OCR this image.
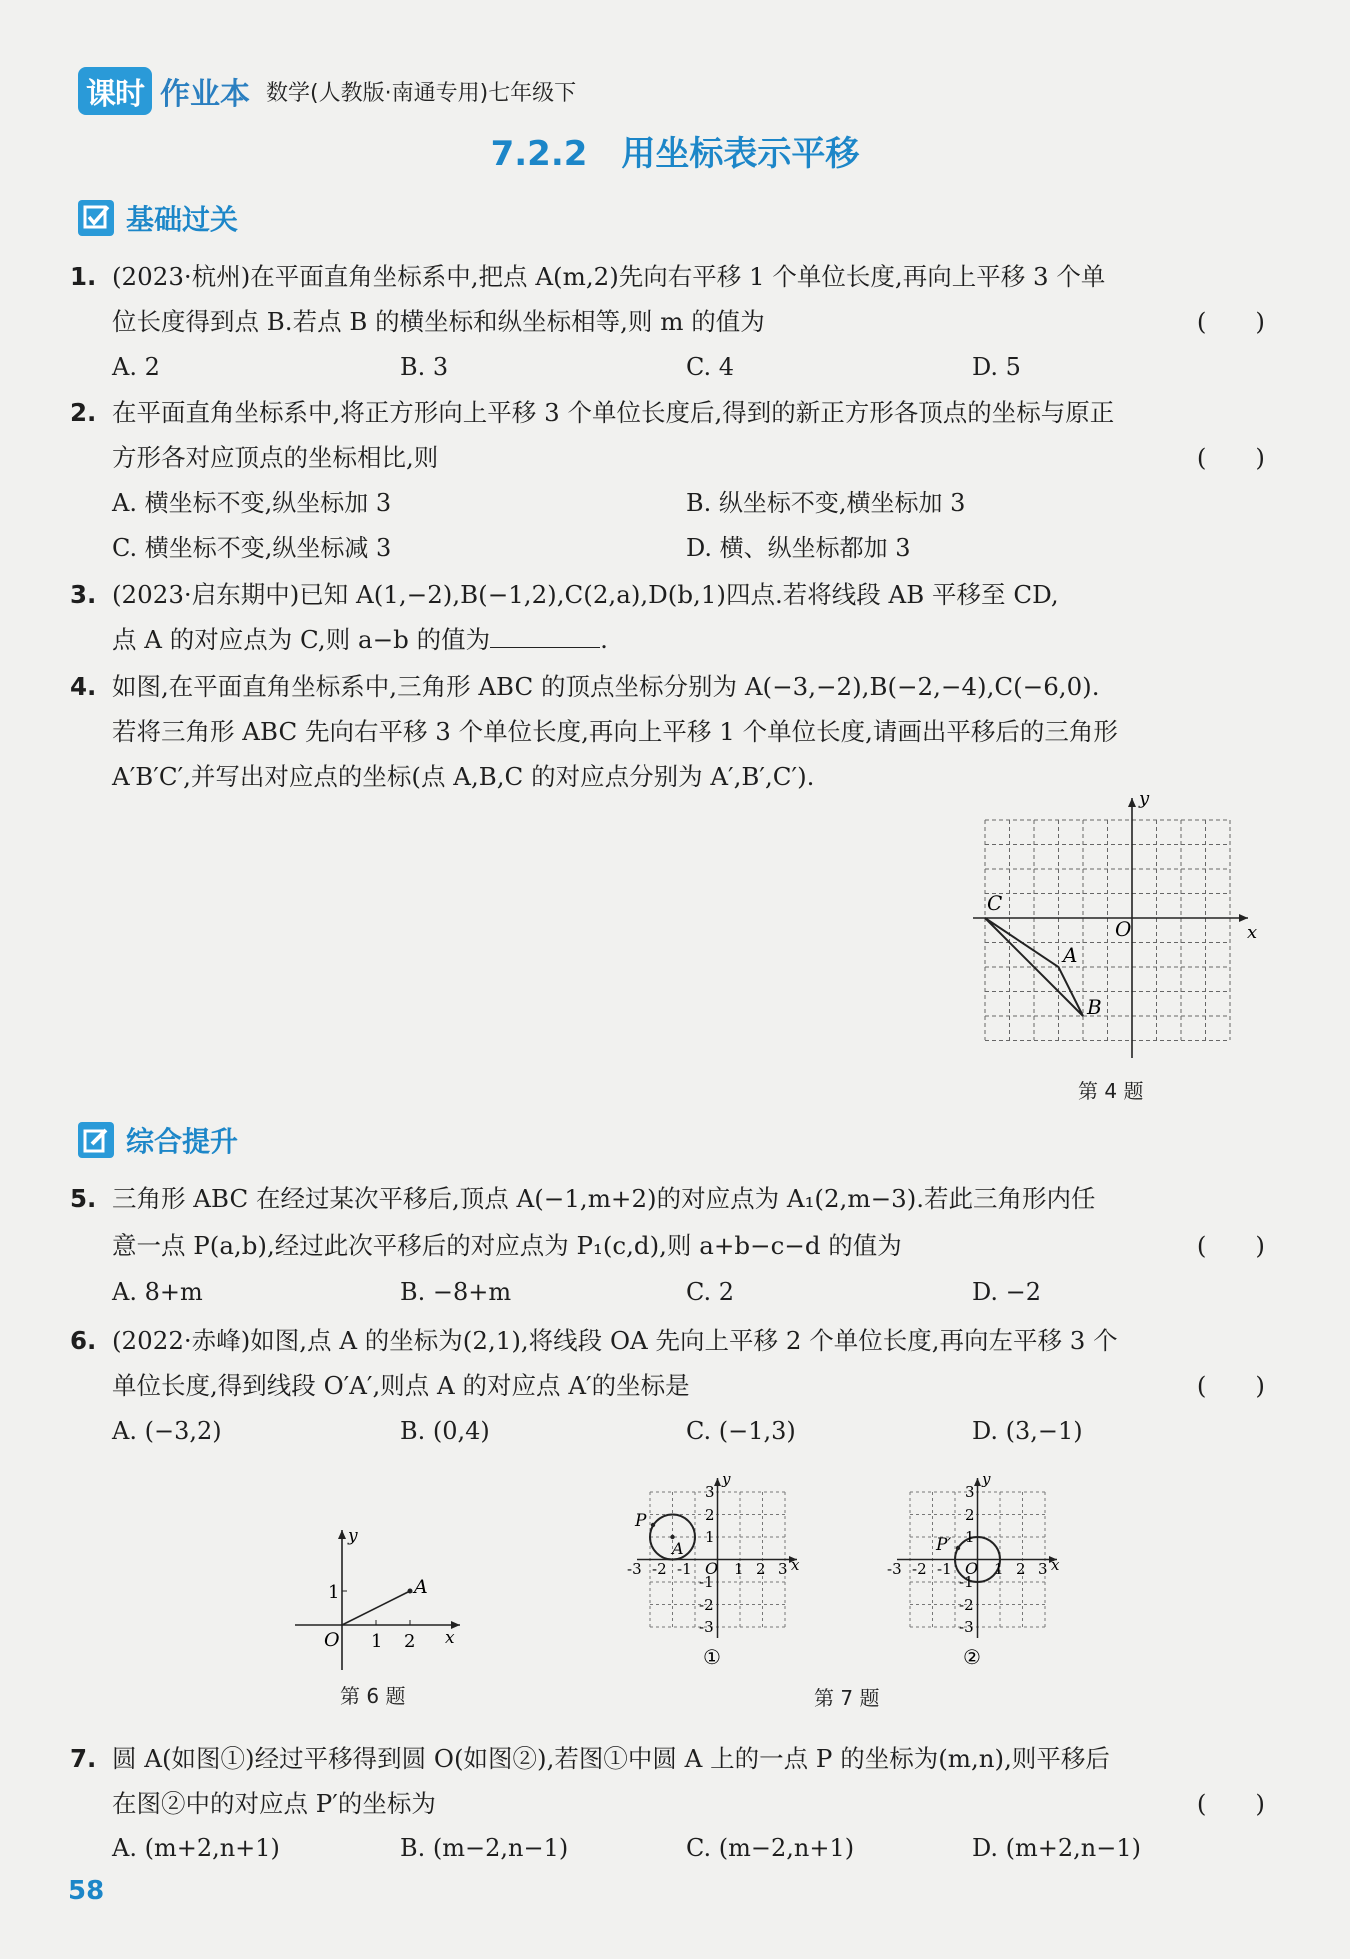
课时 作业本 数学(人教版·南通专用)七年级下
7.2.2　用坐标表示平移
基础过关
1. (2023·杭州)在平面直角坐标系中,把点 A(m,2)先向右平移 1 个单位长度,再向上平移 3 个单
位长度得到点 B.若点 B 的横坐标和纵坐标相等,则 m 的值为	(　　)
A. 2	B. 3	C. 4	D. 5
2. 在平面直角坐标系中,将正方形向上平移 3 个单位长度后,得到的新正方形各顶点的坐标与原正
方形各对应顶点的坐标相比,则	(　　)
A. 横坐标不变,纵坐标加 3	B. 纵坐标不变,横坐标加 3
C. 横坐标不变,纵坐标减 3	D. 横、纵坐标都加 3
3. (2023·启东期中)已知 A(1,−2),B(−1,2),C(2,a),D(b,1)四点.若将线段 AB 平移至 CD,
点 A 的对应点为 C,则 a−b 的值为	.
4. 如图,在平面直角坐标系中,三角形 ABC 的顶点坐标分别为 A(−3,−2),B(−2,−4),C(−6,0).
若将三角形 ABC 先向右平移 3 个单位长度,再向上平移 1 个单位长度,请画出平移后的三角形
A′B′C′,并写出对应点的坐标(点 A,B,C 的对应点分别为 A′,B′,C′).
C
A
B
O	x
y
第 4 题
综合提升
5. 三角形 ABC 在经过某次平移后,顶点 A(−1,m+2)的对应点为 A₁(2,m−3).若此三角形内任
意一点 P(a,b),经过此次平移后的对应点为 P₁(c,d),则 a+b−c−d 的值为	(　　)
A. 8+m	B. −8+m	C. 2	D. −2
6. (2022·赤峰)如图,点 A 的坐标为(2,1),将线段 OA 先向上平移 2 个单位长度,再向左平移 3 个
单位长度,得到线段 O′A′,则点 A 的对应点 A′的坐标是	(　　)
A. (−3,2)	B. (0,4)	C. (−1,3)	D. (3,−1)
A
O
1
1 2 x
y
第 6 题
P
A
O	x
y
-3 -2 -1	1 2 3
3
2
1
-1
-2
-3
①
P′
O	x
y
-3 -2 -1	1 2 3
3
2
1
-1
-2
-3
②
第 7 题
7. 圆 A(如图①)经过平移得到圆 O(如图②),若图①中圆 A 上的一点 P 的坐标为(m,n),则平移后
在图②中的对应点 P′的坐标为	(　　)
A. (m+2,n+1)	B. (m−2,n−1)	C. (m−2,n+1)	D. (m+2,n−1)
58
